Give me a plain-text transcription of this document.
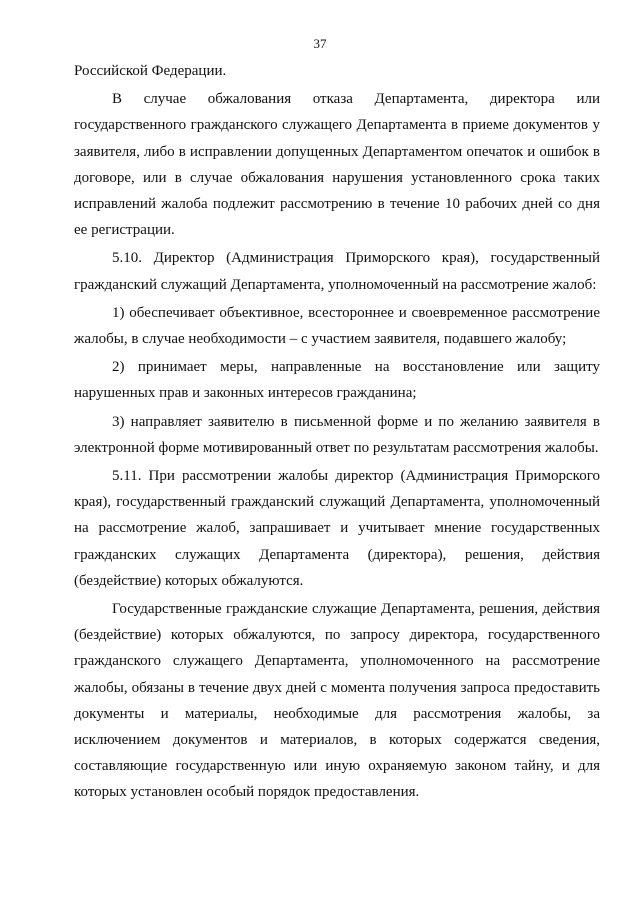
37

Российской Федерации.

В случае обжалования отказа Департамента, директора или государственного гражданского служащего Департамента в приеме документов у заявителя, либо в исправлении допущенных Департаментом опечаток и ошибок в договоре, или в случае обжалования нарушения установленного срока таких исправлений жалоба подлежит рассмотрению в течение 10 рабочих дней со дня ее регистрации.

5.10. Директор (Администрация Приморского края), государственный гражданский служащий Департамента, уполномоченный на рассмотрение жалоб:

1) обеспечивает объективное, всестороннее и своевременное рассмотрение жалобы, в случае необходимости – с участием заявителя, подавшего жалобу;

2) принимает меры, направленные на восстановление или защиту нарушенных прав и законных интересов гражданина;

3) направляет заявителю в письменной форме и по желанию заявителя в электронной форме мотивированный ответ по результатам рассмотрения жалобы.

5.11. При рассмотрении жалобы директор (Администрация Приморского края), государственный гражданский служащий Департамента, уполномоченный на рассмотрение жалоб, запрашивает и учитывает мнение государственных гражданских служащих Департамента (директора), решения, действия (бездействие) которых обжалуются.

Государственные гражданские служащие Департамента, решения, действия (бездействие) которых обжалуются, по запросу директора, государственного гражданского служащего Департамента, уполномоченного на рассмотрение жалобы, обязаны в течение двух дней с момента получения запроса предоставить документы и материалы, необходимые для рассмотрения жалобы, за исключением документов и материалов, в которых содержатся сведения, составляющие государственную или иную охраняемую законом тайну, и для которых установлен особый порядок предоставления.
